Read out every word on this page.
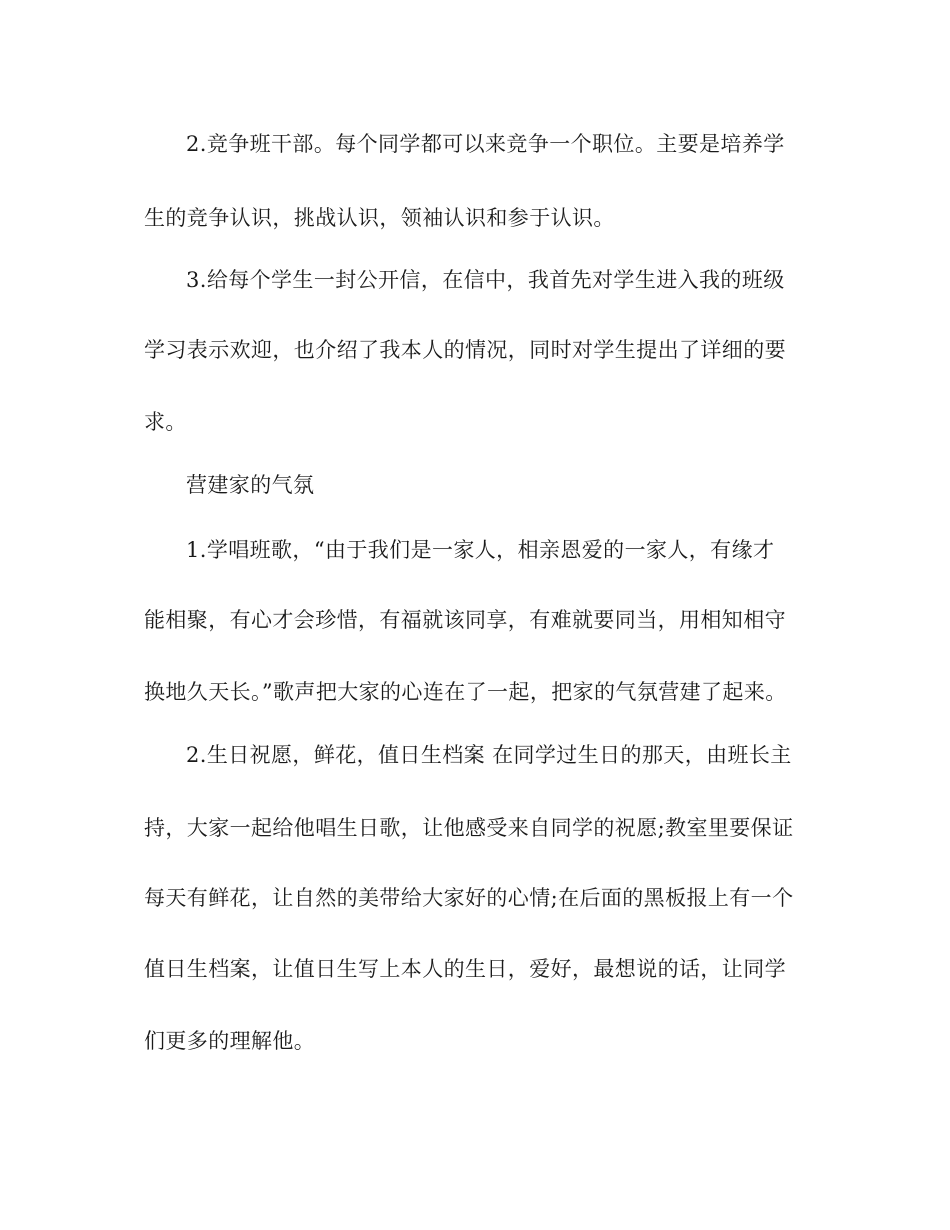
2.竞争班干部。每个同学都可以来竞争一个职位。主要是培养学

生的竞争认识，挑战认识，领袖认识和参于认识。

3.给每个学生一封公开信，在信中，我首先对学生进入我的班级

学习表示欢迎，也介绍了我本人的情况，同时对学生提出了详细的要

求。

营建家的气氛

1.学唱班歌，“由于我们是一家人，相亲恩爱的一家人，有缘才

能相聚，有心才会珍惜，有福就该同享，有难就要同当，用相知相守

换地久天长。”歌声把大家的心连在了一起，把家的气氛营建了起来。

2.生日祝愿，鲜花，值日生档案 在同学过生日的那天，由班长主

持，大家一起给他唱生日歌，让他感受来自同学的祝愿;教室里要保证

每天有鲜花，让自然的美带给大家好的心情;在后面的黑板报上有一个

值日生档案，让值日生写上本人的生日，爱好，最想说的话，让同学

们更多的理解他。
